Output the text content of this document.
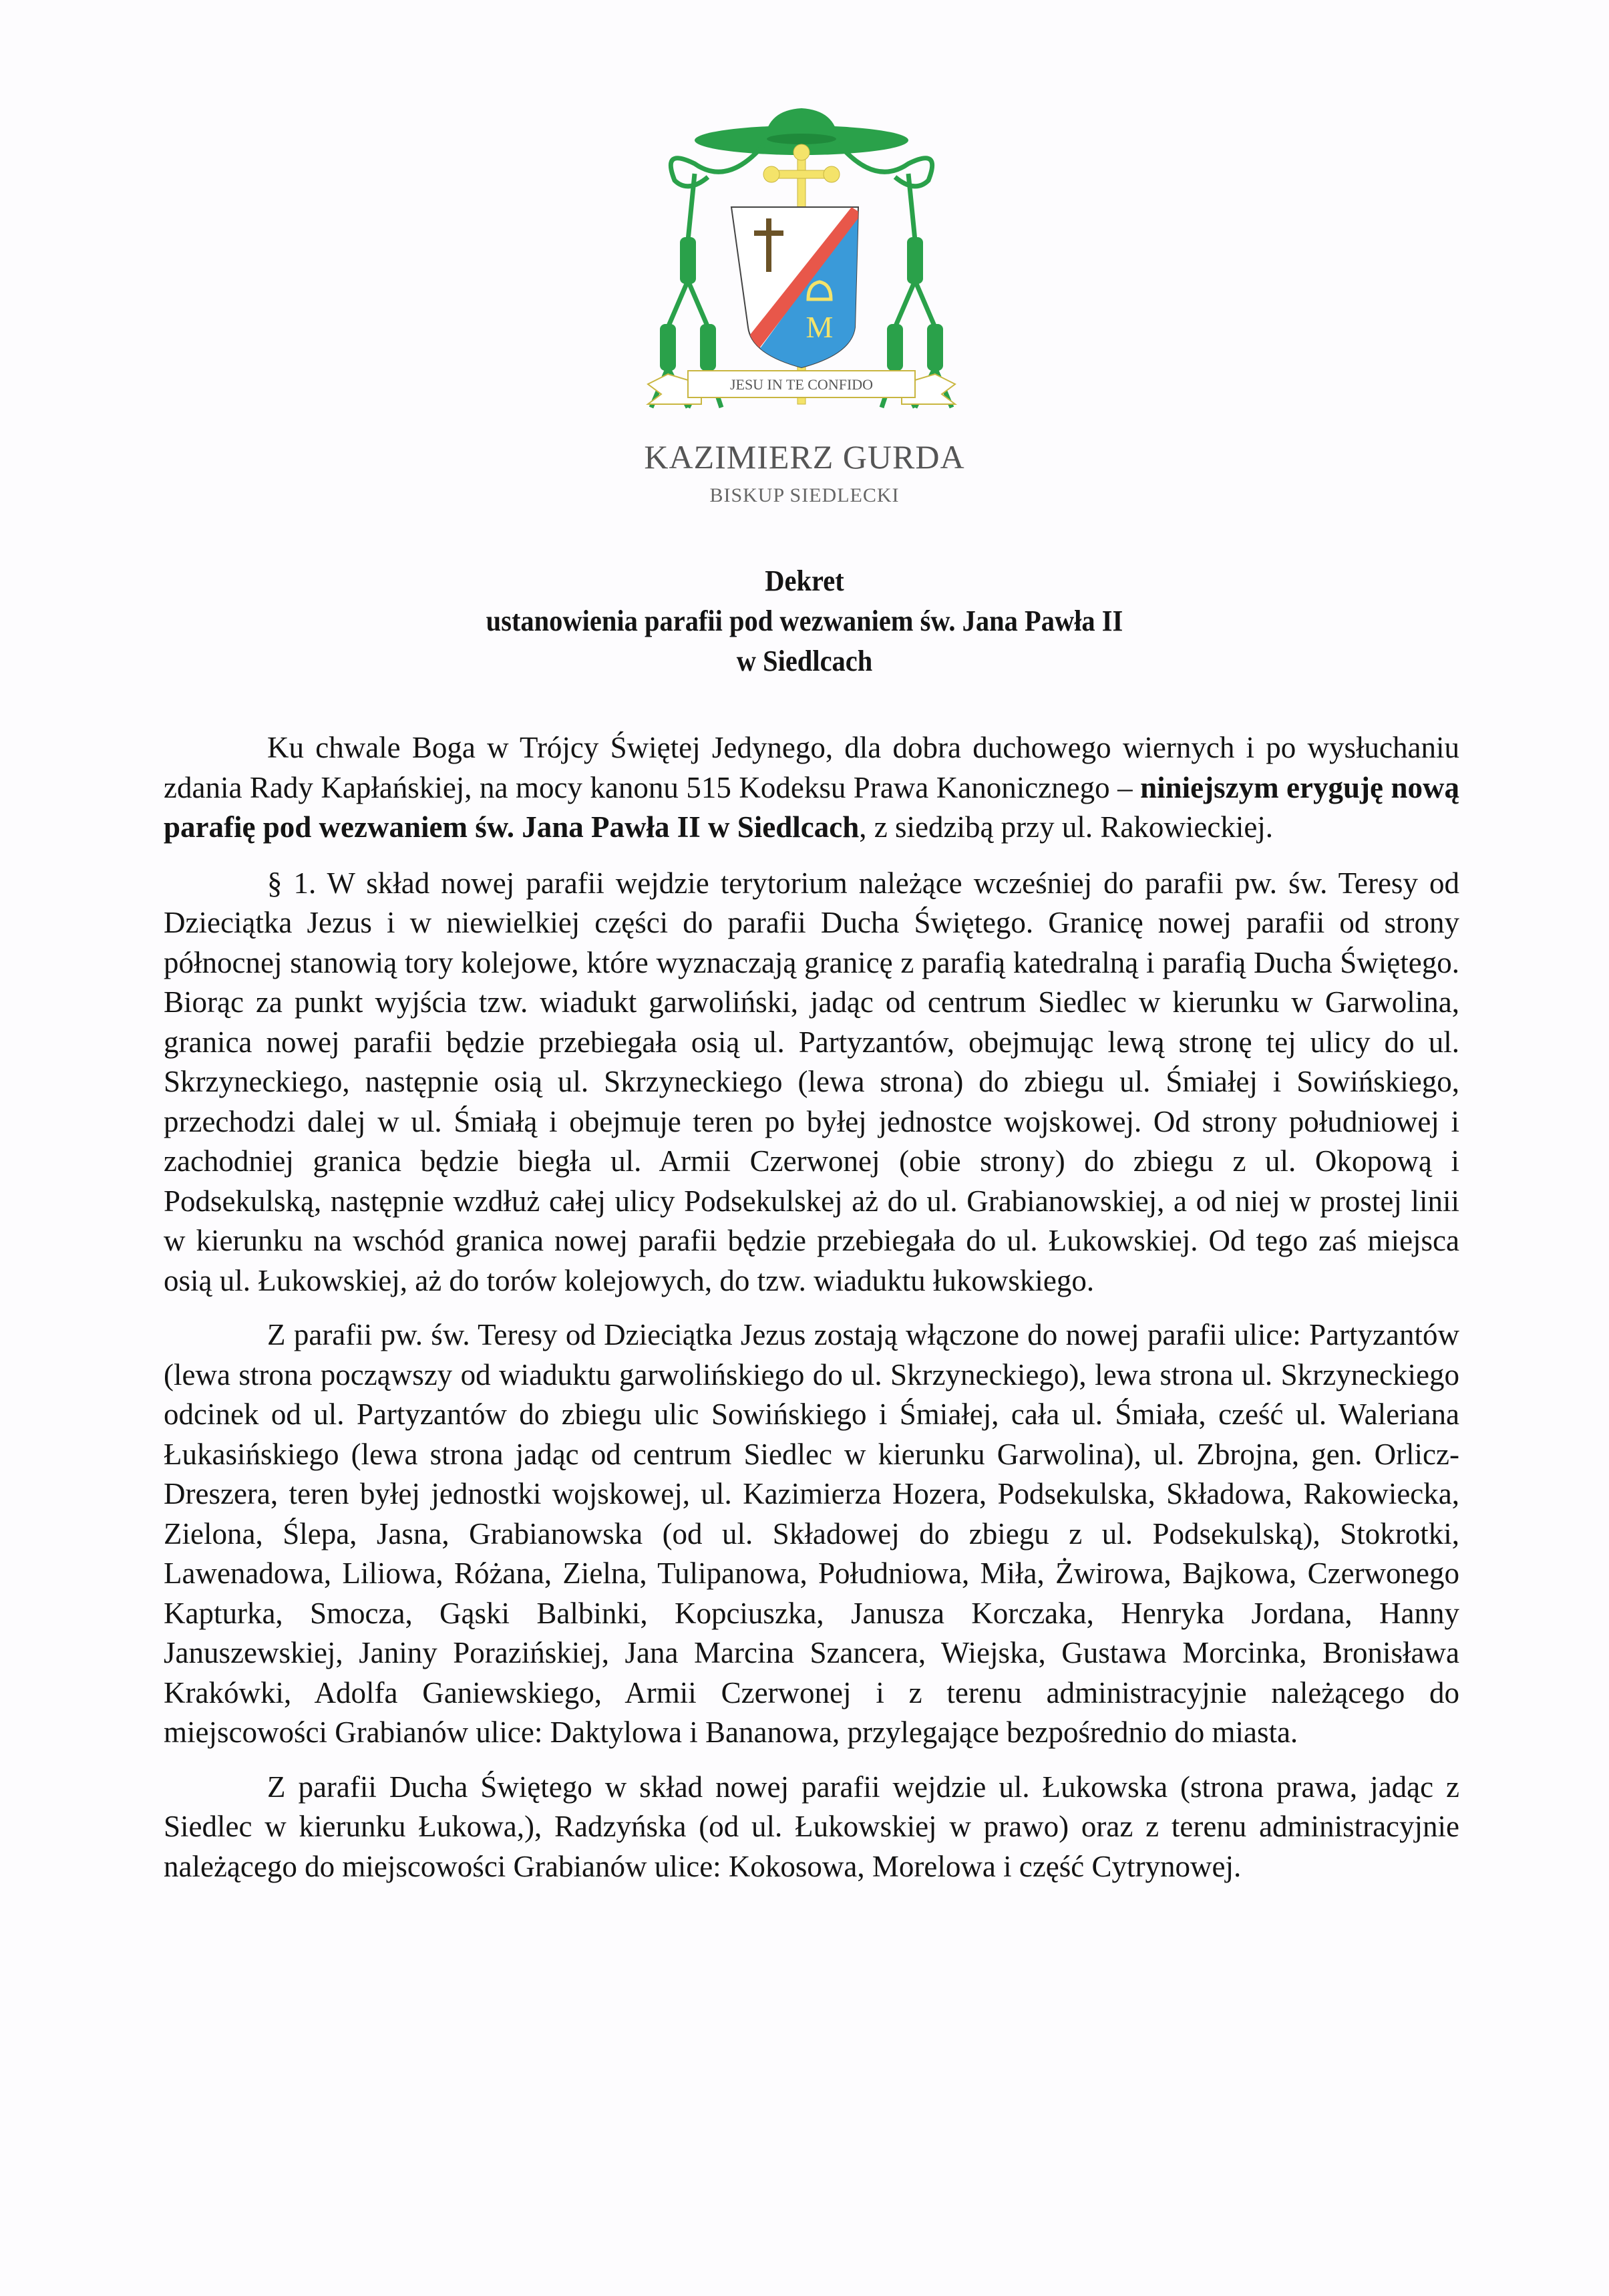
M
JESU IN TE CONFIDO
KAZIMIERZ GURDA
BISKUP SIEDLECKI
Dekret
ustanowienia parafii pod wezwaniem św. Jana Pawła II
w Siedlcach

Ku chwale Boga w Trójcy Świętej Jedynego, dla dobra duchowego wiernych i po wysłuchaniu zdania Rady Kapłańskiej, na mocy kanonu 515 Kodeksu Prawa Kanonicznego – niniejszym eryguję nową parafię pod wezwaniem św. Jana Pawła II w Siedlcach, z siedzibą przy ul. Rakowieckiej.

§ 1. W skład nowej parafii wejdzie terytorium należące wcześniej do parafii pw. św. Teresy od Dzieciątka Jezus i w niewielkiej części do parafii Ducha Świętego. Granicę nowej parafii od strony północnej stanowią tory kolejowe, które wyznaczają granicę z parafią katedralną i parafią Ducha Świętego. Biorąc za punkt wyjścia tzw. wiadukt garwoliński, jadąc od centrum Siedlec w kierunku w Garwolina, granica nowej parafii będzie przebiegała osią ul. Partyzantów, obejmując lewą stronę tej ulicy do ul. Skrzyneckiego, następnie osią ul. Skrzyneckiego (lewa strona) do zbiegu ul. Śmiałej i Sowińskiego, przechodzi dalej w ul. Śmiałą i obejmuje teren po byłej jednostce wojskowej. Od strony południowej i zachodniej granica będzie biegła ul. Armii Czerwonej (obie strony) do zbiegu z ul. Okopową i Podsekulską, następnie wzdłuż całej ulicy Podsekulskej aż do ul. Grabianowskiej, a od niej w prostej linii w kierunku na wschód granica nowej parafii będzie przebiegała do ul. Łukowskiej. Od tego zaś miejsca osią ul. Łukowskiej, aż do torów kolejowych, do tzw. wiaduktu łukowskiego.

Z parafii pw. św. Teresy od Dzieciątka Jezus zostają włączone do nowej parafii ulice: Partyzantów (lewa strona począwszy od wiaduktu garwolińskiego do ul. Skrzyneckiego), lewa strona ul. Skrzyneckiego odcinek od ul. Partyzantów do zbiegu ulic Sowińskiego i Śmiałej, cała ul. Śmiała, cześć ul. Waleriana Łukasińskiego (lewa strona jadąc od centrum Siedlec w kierunku Garwolina), ul. Zbrojna, gen. Orlicz-Dreszera, teren byłej jednostki wojskowej, ul. Kazimierza Hozera, Podsekulska, Składowa, Rakowiecka, Zielona, Ślepa, Jasna, Grabianowska (od ul. Składowej do zbiegu z ul. Podsekulską), Stokrotki, Lawenadowa, Liliowa, Różana, Zielna, Tulipanowa, Południowa, Miła, Żwirowa, Bajkowa, Czerwonego Kapturka, Smocza, Gąski Balbinki, Kopciuszka, Janusza Korczaka, Henryka Jordana, Hanny Januszewskiej, Janiny Porazińskiej, Jana Marcina Szancera, Wiejska, Gustawa Morcinka, Bronisława Krakówki, Adolfa Ganiewskiego, Armii Czerwonej i z terenu administracyjnie należącego do miejscowości Grabianów ulice: Daktylowa i Bananowa, przylegające bezpośrednio do miasta.

Z parafii Ducha Świętego w skład nowej parafii wejdzie ul. Łukowska (strona prawa, jadąc z Siedlec w kierunku Łukowa,), Radzyńska (od ul. Łukowskiej w prawo) oraz z terenu administracyjnie należącego do miejscowości Grabianów ulice: Kokosowa, Morelowa i część Cytrynowej.
